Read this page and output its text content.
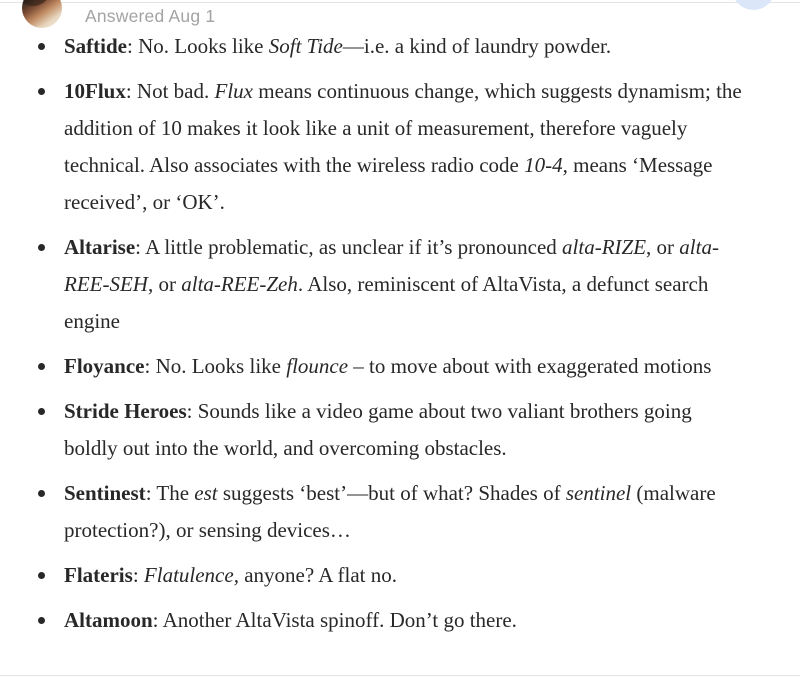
Answered Aug 1
Saftide: No. Looks like Soft Tide—i.e. a kind of laundry powder.
10Flux: Not bad. Flux means continuous change, which suggests dynamism; the addition of 10 makes it look like a unit of measurement, therefore vaguely technical. Also associates with the wireless radio code 10-4, means ‘Message received’, or ‘OK’.
Altarise: A little problematic, as unclear if it’s pronounced alta-RIZE, or alta-REE-SEH, or alta-REE-Zeh. Also, reminiscent of AltaVista, a defunct search engine
Floyance: No. Looks like flounce – to move about with exaggerated motions
Stride Heroes: Sounds like a video game about two valiant brothers going boldly out into the world, and overcoming obstacles.
Sentinest: The est suggests ‘best’—but of what? Shades of sentinel (malware protection?), or sensing devices…
Flateris: Flatulence, anyone? A flat no.
Altamoon: Another AltaVista spinoff. Don’t go there.
